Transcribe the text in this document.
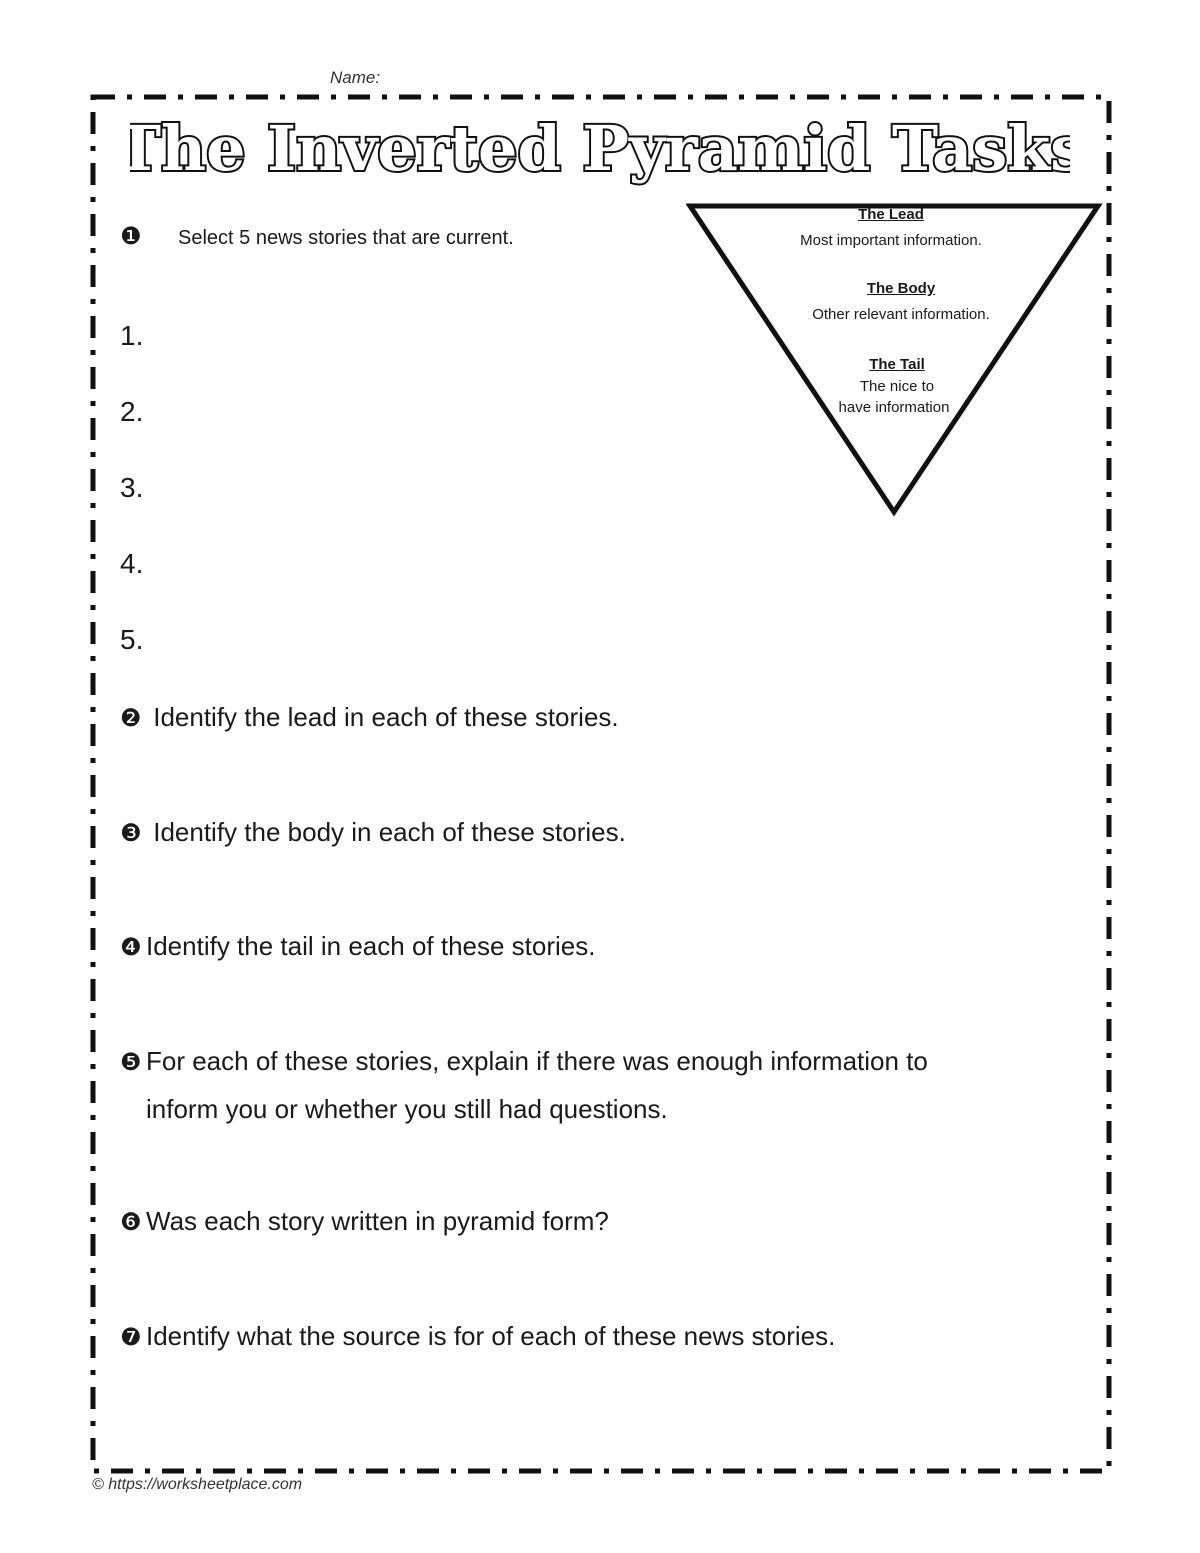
Name:
The Inverted Pyramid Tasks
❶ Select 5 news stories that are current.
1.
2.
3.
4.
5.
The Lead
Most important information.
The Body
Other relevant information.
The Tail
The nice to
have information
❷ Identify the lead in each of these stories.
❸ Identify the body in each of these stories.
❹ Identify the tail in each of these stories.
❺ For each of these stories, explain if there was enough information to
inform you or whether you still had questions.
❻ Was each story written in pyramid form?
❼ Identify what the source is for of each of these news stories.
© https://worksheetplace.com
